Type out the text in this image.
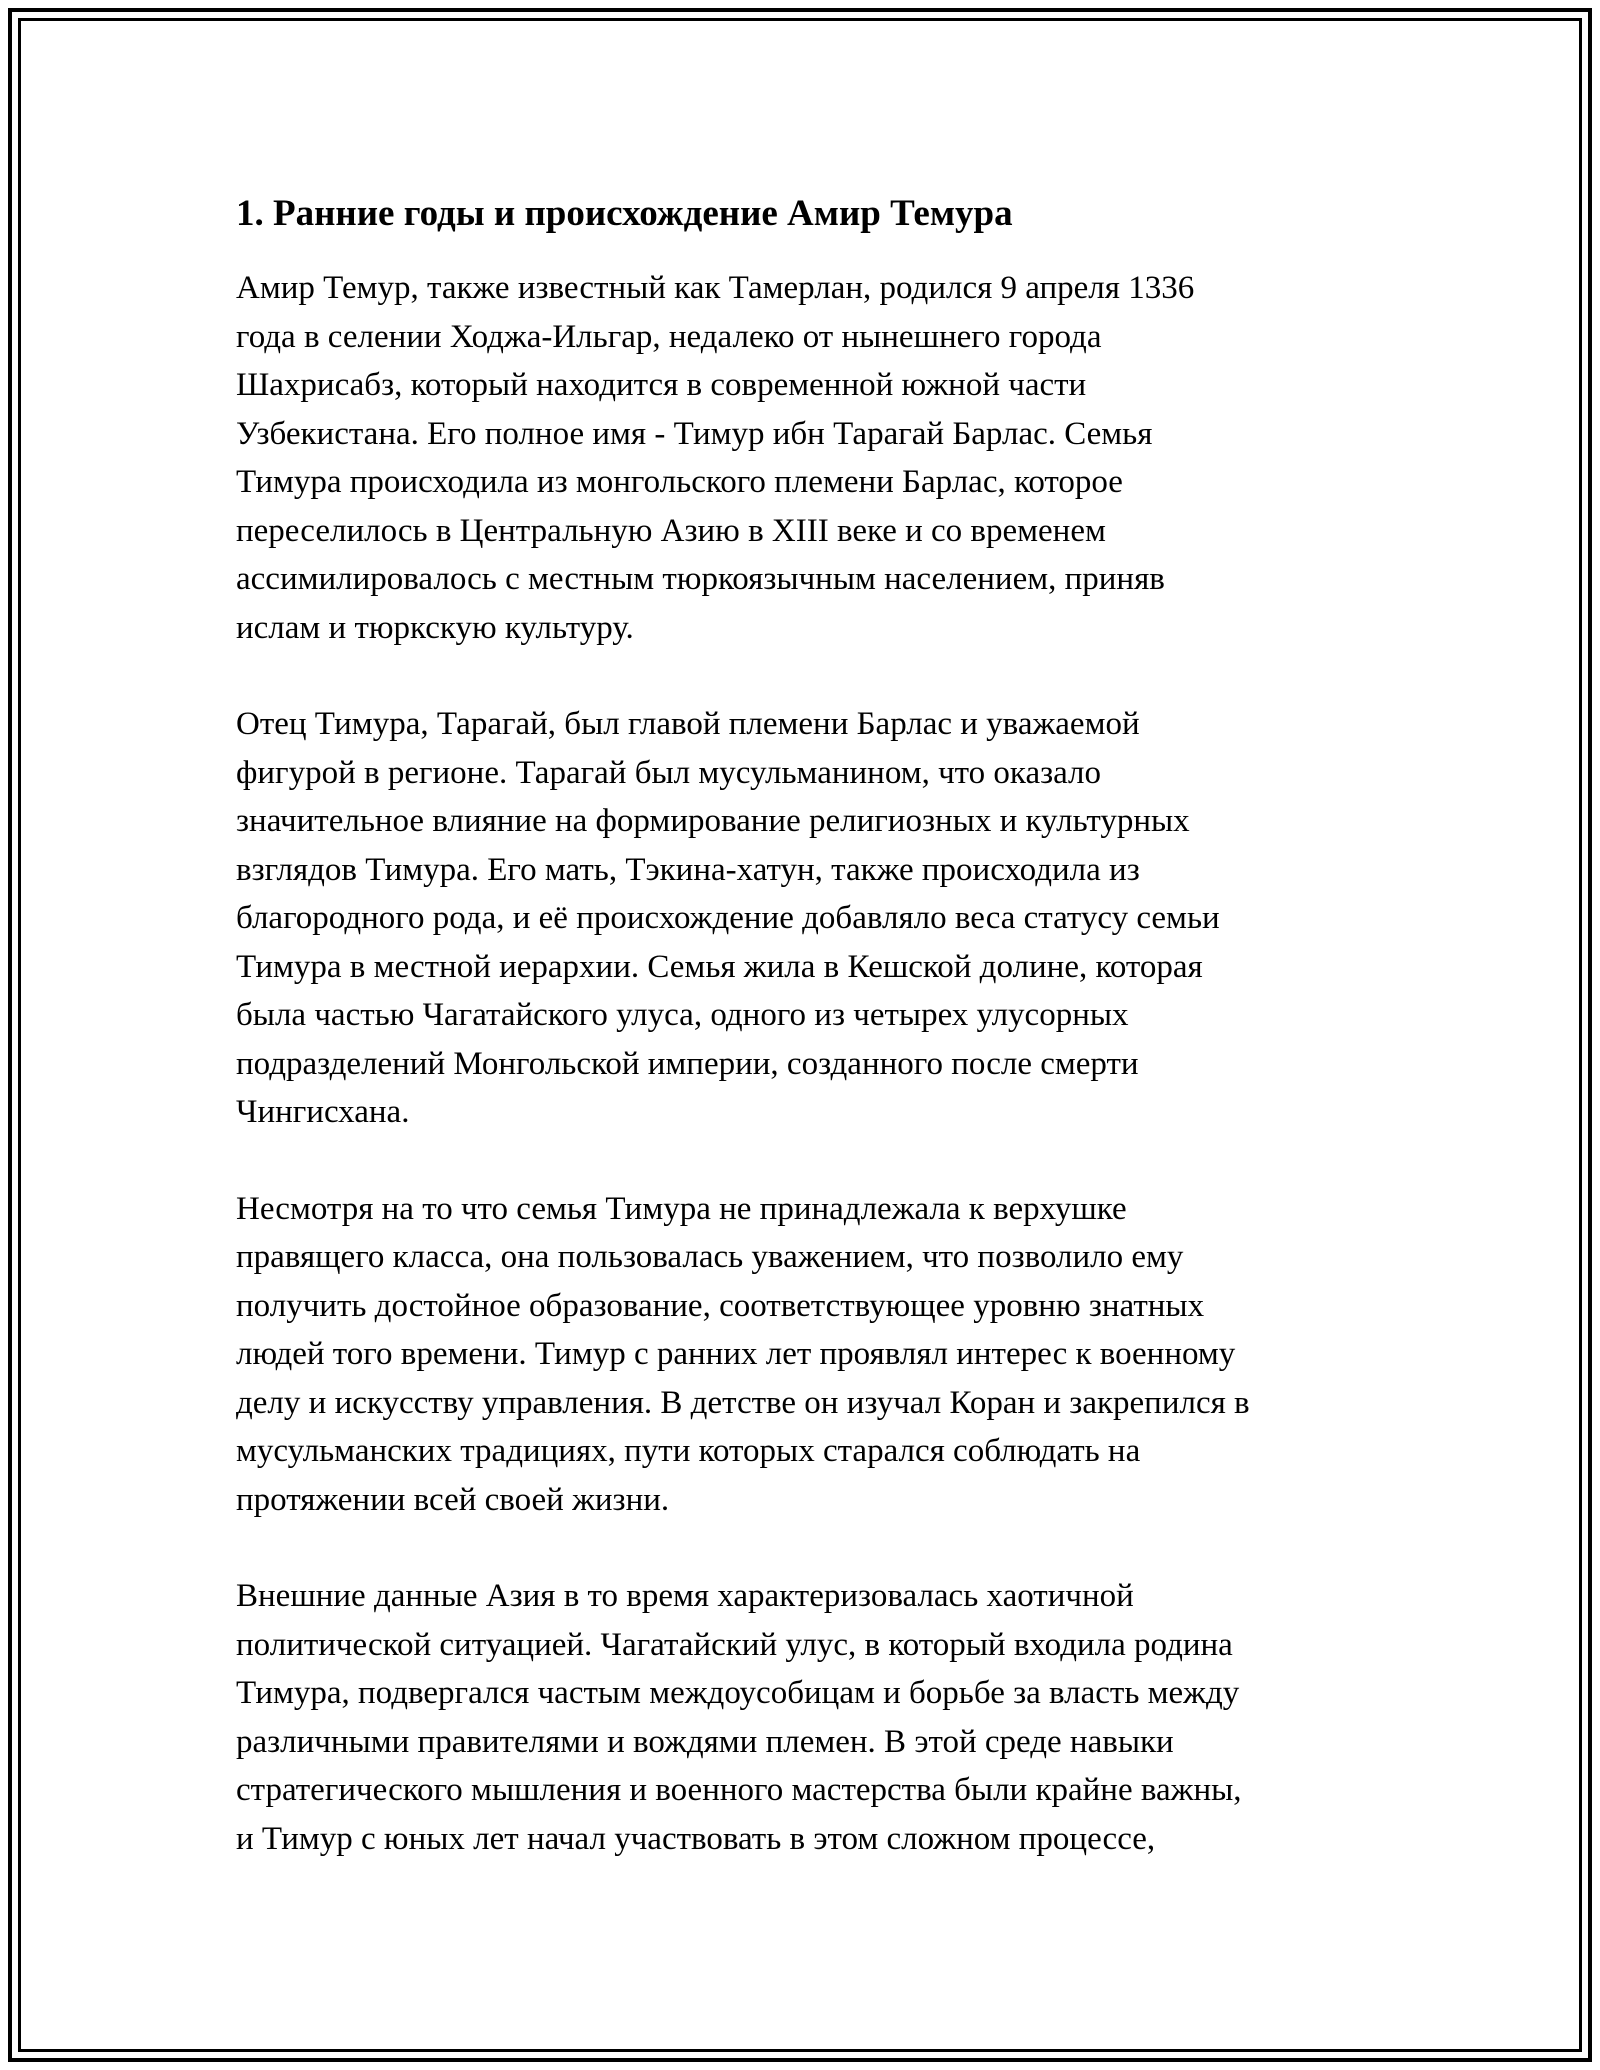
1. Ранние годы и происхождение Амир Темура

Амир Темур, также известный как Тамерлан, родился 9 апреля 1336
года в селении Ходжа-Ильгар, недалеко от нынешнего города
Шахрисабз, который находится в современной южной части
Узбекистана. Его полное имя - Тимур ибн Тарагай Барлас. Семья
Тимура происходила из монгольского племени Барлас, которое
переселилось в Центральную Азию в XIII веке и со временем
ассимилировалось с местным тюркоязычным населением, приняв
ислам и тюркскую культуру.

Отец Тимура, Тарагай, был главой племени Барлас и уважаемой
фигурой в регионе. Тарагай был мусульманином, что оказало
значительное влияние на формирование религиозных и культурных
взглядов Тимура. Его мать, Тэкина-хатун, также происходила из
благородного рода, и её происхождение добавляло веса статусу семьи
Тимура в местной иерархии. Семья жила в Кешской долине, которая
была частью Чагатайского улуса, одного из четырех улусорных
подразделений Монгольской империи, созданного после смерти
Чингисхана.

Несмотря на то что семья Тимура не принадлежала к верхушке
правящего класса, она пользовалась уважением, что позволило ему
получить достойное образование, соответствующее уровню знатных
людей того времени. Тимур с ранних лет проявлял интерес к военному
делу и искусству управления. В детстве он изучал Коран и закрепился в
мусульманских традициях, пути которых старался соблюдать на
протяжении всей своей жизни.

Внешние данные Азия в то время характеризовалась хаотичной
политической ситуацией. Чагатайский улус, в который входила родина
Тимура, подвергался частым междоусобицам и борьбе за власть между
различными правителями и вождями племен. В этой среде навыки
стратегического мышления и военного мастерства были крайне важны,
и Тимур с юных лет начал участвовать в этом сложном процессе,
